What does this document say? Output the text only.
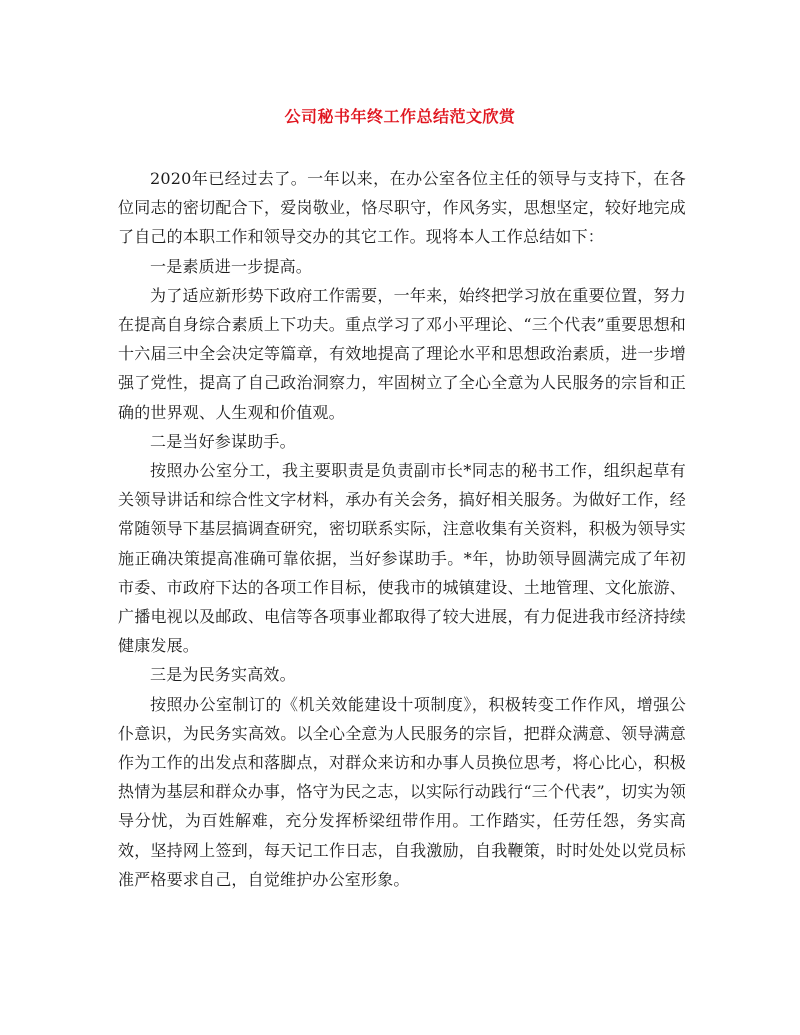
公司秘书年终工作总结范文欣赏

2020年已经过去了。一年以来，在办公室各位主任的领导与支持下，在各位同志的密切配合下，爱岗敬业，恪尽职守，作风务实，思想坚定，较好地完成了自己的本职工作和领导交办的其它工作。现将本人工作总结如下：

一是素质进一步提高。

为了适应新形势下政府工作需要，一年来，始终把学习放在重要位置，努力在提高自身综合素质上下功夫。重点学习了邓小平理论、“三个代表”重要思想和十六届三中全会决定等篇章，有效地提高了理论水平和思想政治素质，进一步增强了党性，提高了自己政治洞察力，牢固树立了全心全意为人民服务的宗旨和正确的世界观、人生观和价值观。

二是当好参谋助手。

按照办公室分工，我主要职责是负责副市长*同志的秘书工作，组织起草有关领导讲话和综合性文字材料，承办有关会务，搞好相关服务。为做好工作，经常随领导下基层搞调查研究，密切联系实际，注意收集有关资料，积极为领导实施正确决策提高准确可靠依据，当好参谋助手。*年，协助领导圆满完成了年初市委、市政府下达的各项工作目标，使我市的城镇建设、土地管理、文化旅游、广播电视以及邮政、电信等各项事业都取得了较大进展，有力促进我市经济持续健康发展。

三是为民务实高效。

按照办公室制订的《机关效能建设十项制度》，积极转变工作作风，增强公仆意识，为民务实高效。以全心全意为人民服务的宗旨，把群众满意、领导满意作为工作的出发点和落脚点，对群众来访和办事人员换位思考，将心比心，积极热情为基层和群众办事，恪守为民之志，以实际行动践行“三个代表”，切实为领导分忧，为百姓解难，充分发挥桥梁纽带作用。工作踏实，任劳任怨，务实高效，坚持网上签到，每天记工作日志，自我激励，自我鞭策，时时处处以党员标准严格要求自己，自觉维护办公室形象。
